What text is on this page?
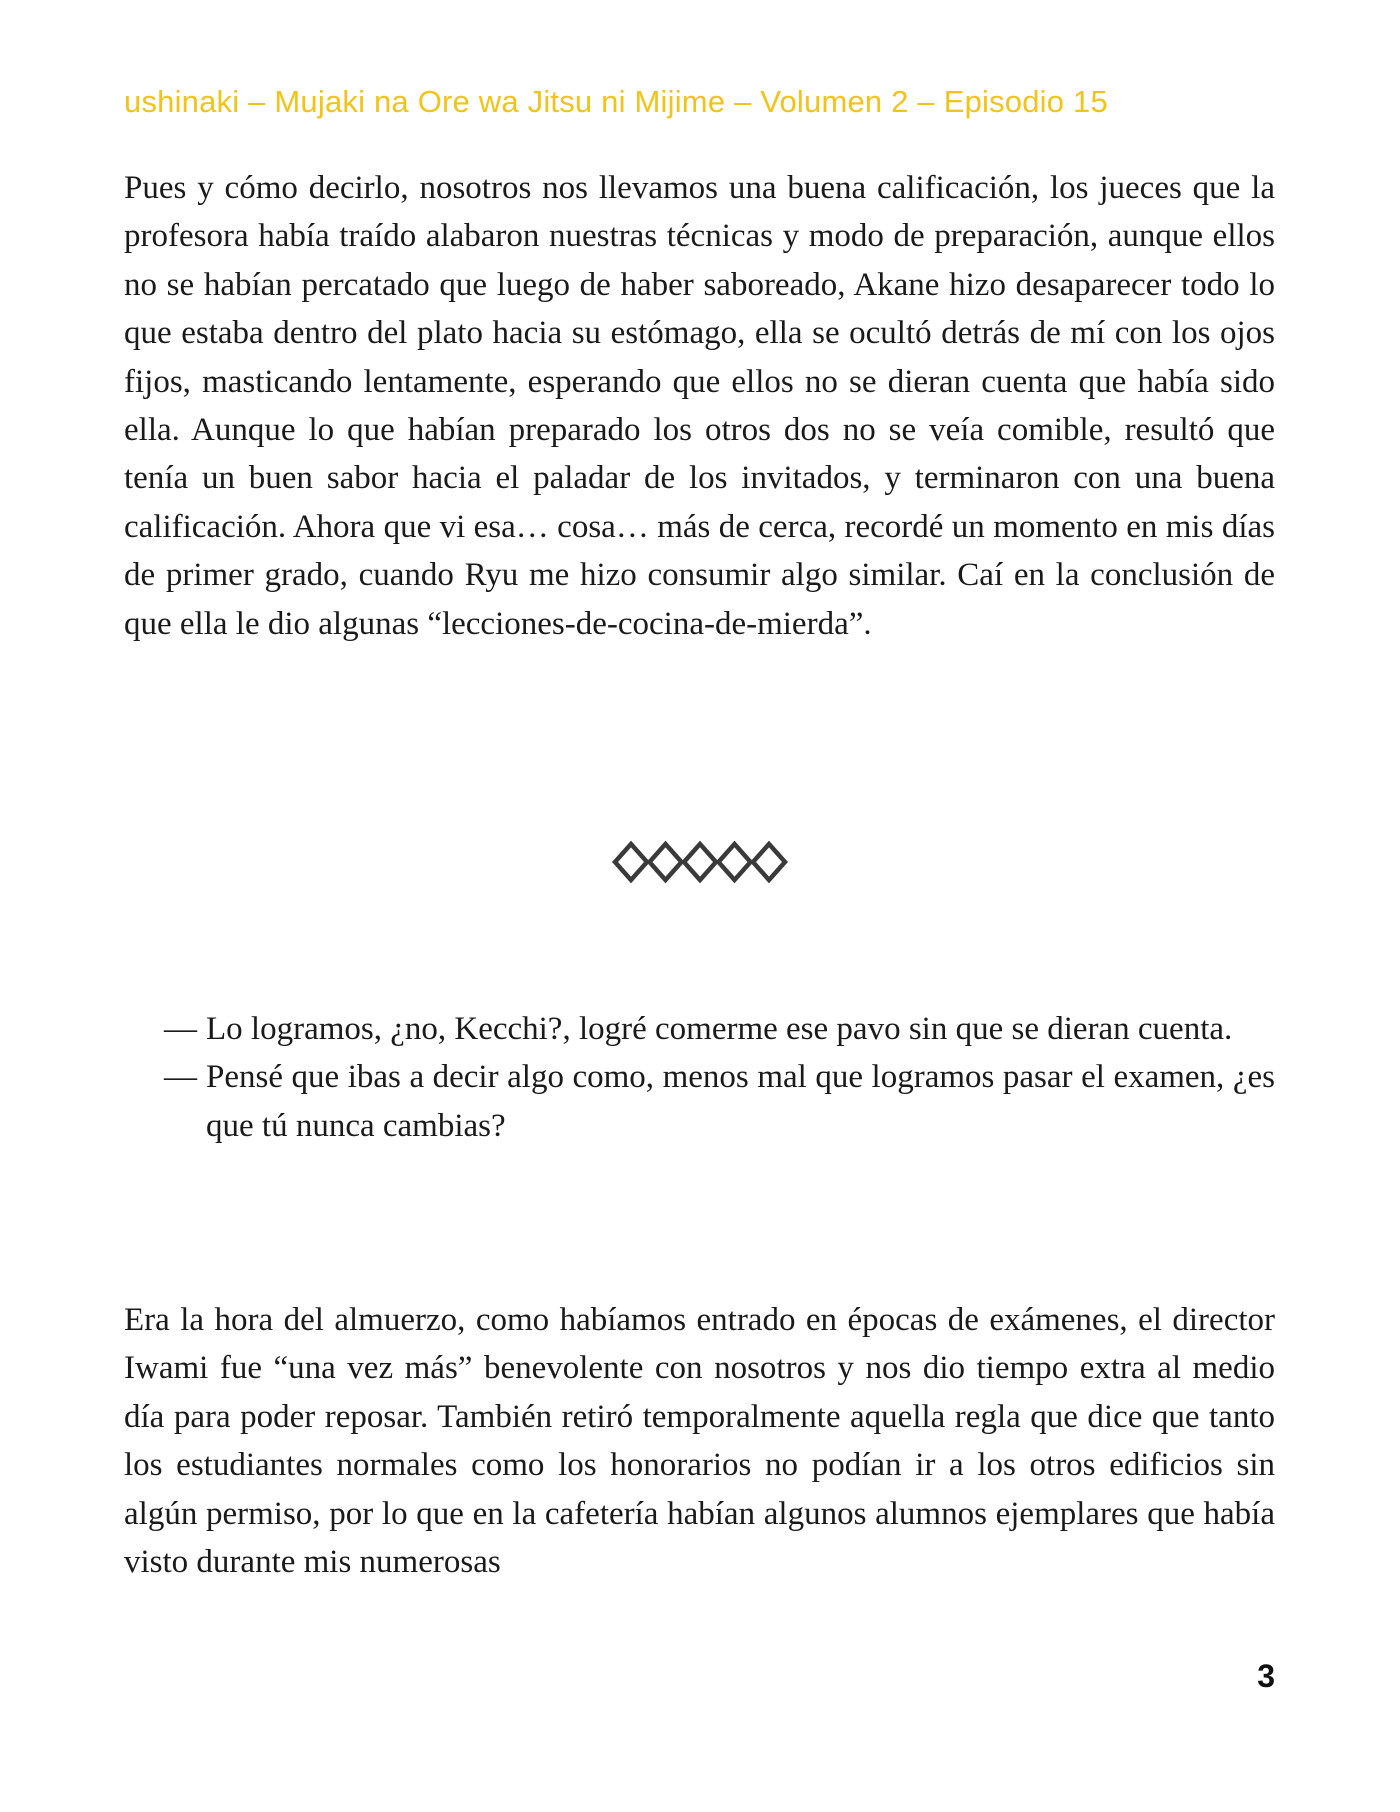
ushinaki – Mujaki na Ore wa Jitsu ni Mijime – Volumen 2 – Episodio 15

Pues y cómo decirlo, nosotros nos llevamos una buena calificación, los jueces que la profesora había traído alabaron nuestras técnicas y modo de preparación, aunque ellos no se habían percatado que luego de haber saboreado, Akane hizo desaparecer todo lo que estaba dentro del plato hacia su estómago, ella se ocultó detrás de mí con los ojos fijos, masticando lentamente, esperando que ellos no se dieran cuenta que había sido ella. Aunque lo que habían preparado los otros dos no se veía comible, resultó que tenía un buen sabor hacia el paladar de los invitados, y terminaron con una buena calificación. Ahora que vi esa… cosa… más de cerca, recordé un momento en mis días de primer grado, cuando Ryu me hizo consumir algo similar. Caí en la conclusión de que ella le dio algunas “lecciones-de-cocina-de-mierda”.

— Lo logramos, ¿no, Kecchi?, logré comerme ese pavo sin que se dieran cuenta.
— Pensé que ibas a decir algo como, menos mal que logramos pasar el examen, ¿es que tú nunca cambias?

Era la hora del almuerzo, como habíamos entrado en épocas de exámenes, el director Iwami fue “una vez más” benevolente con nosotros y nos dio tiempo extra al medio día para poder reposar. También retiró temporalmente aquella regla que dice que tanto los estudiantes normales como los honorarios no podían ir a los otros edificios sin algún permiso, por lo que en la cafetería habían algunos alumnos ejemplares que había visto durante mis numerosas

3
